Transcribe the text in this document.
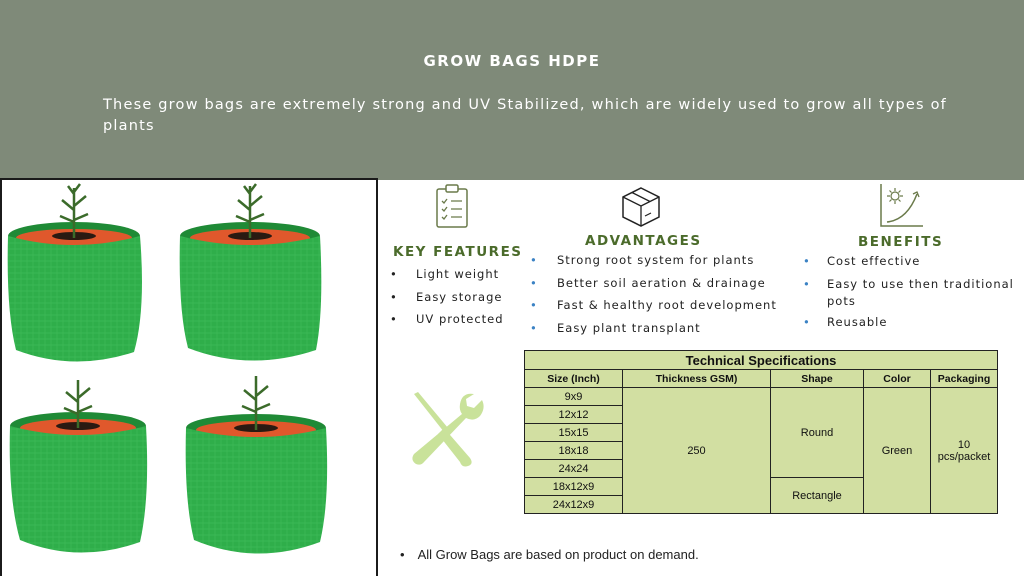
GROW BAGS HDPE
These grow bags are extremely strong and UV Stabilized, which are widely used to grow all types of plants
KEY FEATURES
• Light weight
• Easy storage
• UV protected
ADVANTAGES
• Strong root system for plants
• Better soil aeration & drainage
• Fast & healthy root development
• Easy plant transplant
BENEFITS
• Cost effective
• Easy to use then traditional pots
• Reusable
Technical Specifications				
Size (Inch)	Thickness GSM)	Shape	Color	Packaging
9x9	250	Round	Green	10 pcs/packet
12x12				
15x15				
18x18				
24x24				
18x12x9		Rectangle		
24x12x9				
• All Grow Bags are based on product on demand.
